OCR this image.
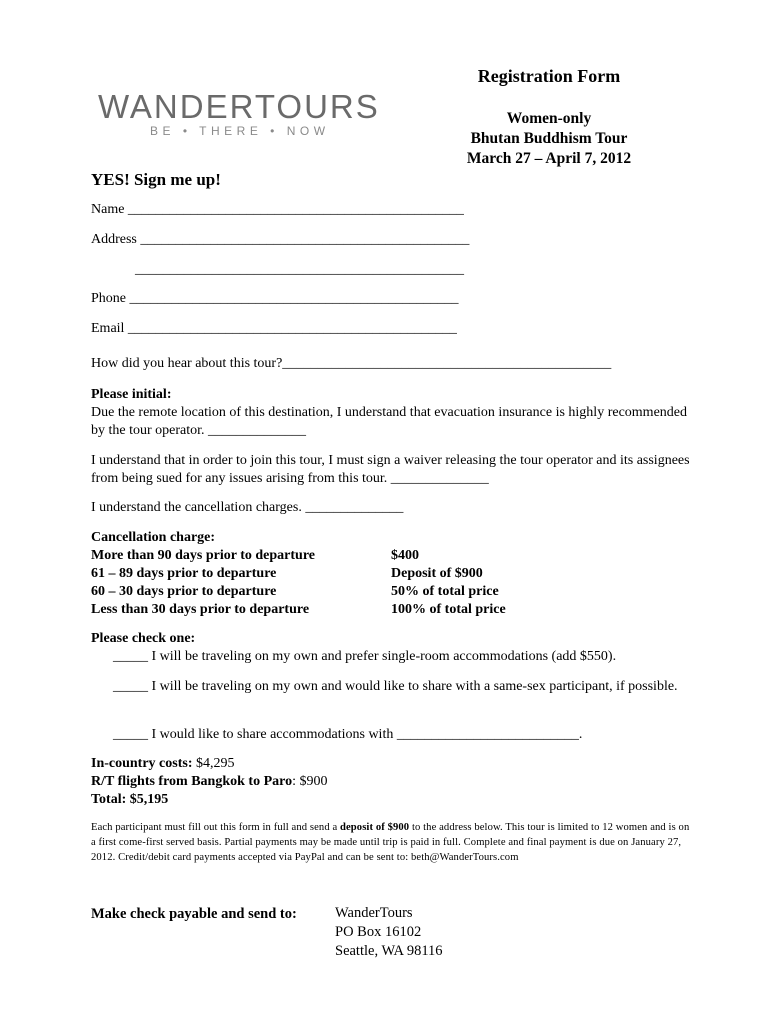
WANDERTOURS
BE • THERE • NOW
Registration Form
Women-only
Bhutan Buddhism Tour
March 27 – April 7, 2012
YES! Sign me up!
Name ________________________________________________
Address _______________________________________________
_______________________________________________
Phone _______________________________________________
Email _______________________________________________
How did you hear about this tour?_______________________________________________
Please initial:
Due the remote location of this destination, I understand that evacuation insurance is highly recommended by the tour operator. ______________
I understand that in order to join this tour, I must sign a waiver releasing the tour operator and its assignees from being sued for any issues arising from this tour. ______________
I understand the cancellation charges. ______________
Cancellation charge:
More than 90 days prior to departure	$400
61 – 89 days prior to departure	Deposit of $900
60 – 30 days prior to departure	50% of total price
Less than 30 days prior to departure	100% of total price
Please check one:
_____ I will be traveling on my own and prefer single-room accommodations (add $550).
_____ I will be traveling on my own and would like to share with a same-sex participant, if possible.
_____ I would like to share accommodations with __________________________.
In-country costs: $4,295
R/T flights from Bangkok to Paro: $900
Total: $5,195
Each participant must fill out this form in full and send a deposit of $900 to the address below. This tour is limited to 12 women and is on a first come-first served basis. Partial payments may be made until trip is paid in full. Complete and final payment is due on January 27, 2012. Credit/debit card payments accepted via PayPal and can be sent to: beth@WanderTours.com
Make check payable and send to:	WanderTours
PO Box 16102
Seattle, WA 98116
